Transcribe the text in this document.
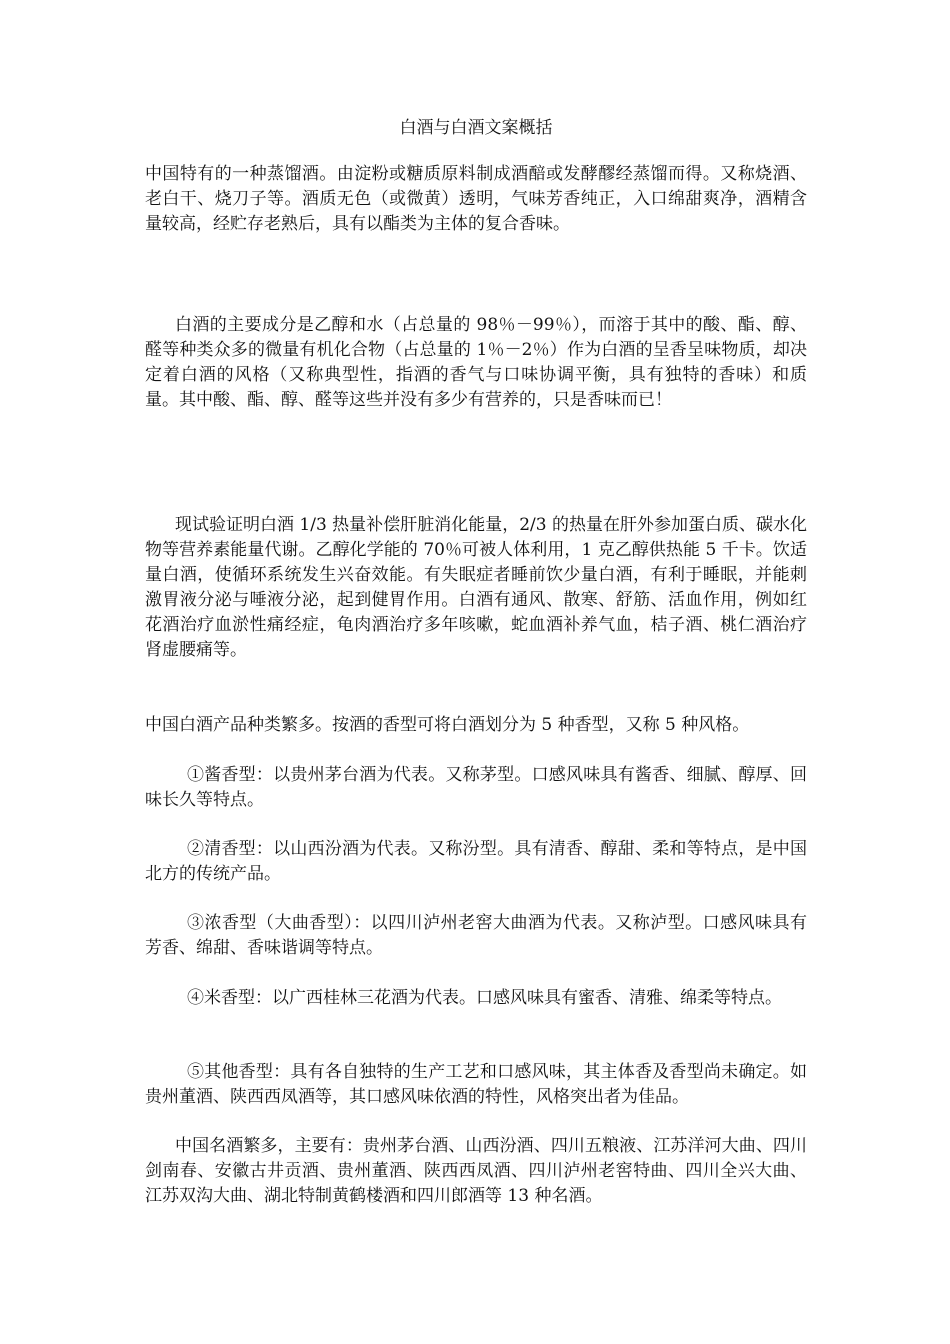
白酒与白酒文案概括

中国特有的一种蒸馏酒。由淀粉或糖质原料制成酒醅或发酵醪经蒸馏而得。又称烧酒、老白干、烧刀子等。酒质无色（或微黄）透明，气味芳香纯正，入口绵甜爽净，酒精含量较高，经贮存老熟后，具有以酯类为主体的复合香味。

白酒的主要成分是乙醇和水（占总量的 98％－99％），而溶于其中的酸、酯、醇、醛等种类众多的微量有机化合物（占总量的 1％－2％）作为白酒的呈香呈味物质，却决定着白酒的风格（又称典型性，指酒的香气与口味协调平衡，具有独特的香味）和质量。其中酸、酯、醇、醛等这些并没有多少有营养的，只是香味而已！

现试验证明白酒 1/3 热量补偿肝脏消化能量，2/3 的热量在肝外参加蛋白质、碳水化物等营养素能量代谢。乙醇化学能的 70％可被人体利用，1 克乙醇供热能 5 千卡。饮适量白酒，使循环系统发生兴奋效能。有失眠症者睡前饮少量白酒，有利于睡眠，并能刺激胃液分泌与唾液分泌，起到健胃作用。白酒有通风、散寒、舒筋、活血作用，例如红花酒治疗血淤性痛经症，龟肉酒治疗多年咳嗽，蛇血酒补养气血，桔子酒、桃仁酒治疗肾虚腰痛等。

中国白酒产品种类繁多。按酒的香型可将白酒划分为 5 种香型，又称 5 种风格。

①酱香型：以贵州茅台酒为代表。又称茅型。口感风味具有酱香、细腻、醇厚、回味长久等特点。

②清香型：以山西汾酒为代表。又称汾型。具有清香、醇甜、柔和等特点，是中国北方的传统产品。

③浓香型（大曲香型）：以四川泸州老窖大曲酒为代表。又称泸型。口感风味具有芳香、绵甜、香味谐调等特点。

④米香型：以广西桂林三花酒为代表。口感风味具有蜜香、清雅、绵柔等特点。

⑤其他香型：具有各自独特的生产工艺和口感风味，其主体香及香型尚未确定。如贵州董酒、陕西西凤酒等，其口感风味依酒的特性，风格突出者为佳品。

中国名酒繁多，主要有：贵州茅台酒、山西汾酒、四川五粮液、江苏洋河大曲、四川剑南春、安徽古井贡酒、贵州董酒、陕西西凤酒、四川泸州老窖特曲、四川全兴大曲、江苏双沟大曲、湖北特制黄鹤楼酒和四川郎酒等 13 种名酒。
